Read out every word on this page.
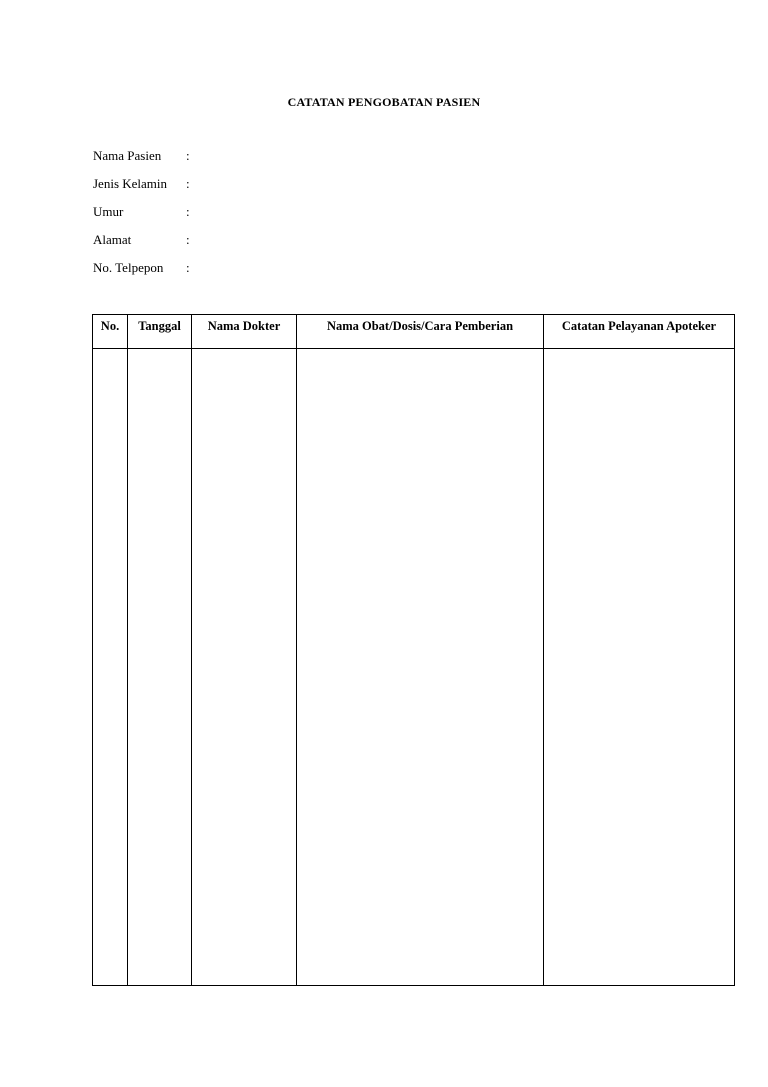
CATATAN PENGOBATAN PASIEN
Nama Pasien	:
Jenis Kelamin	:
Umur	:
Alamat	:
No. Telpepon	:
No.	Tanggal	Nama Dokter	Nama Obat/Dosis/Cara Pemberian	Catatan Pelayanan Apoteker
